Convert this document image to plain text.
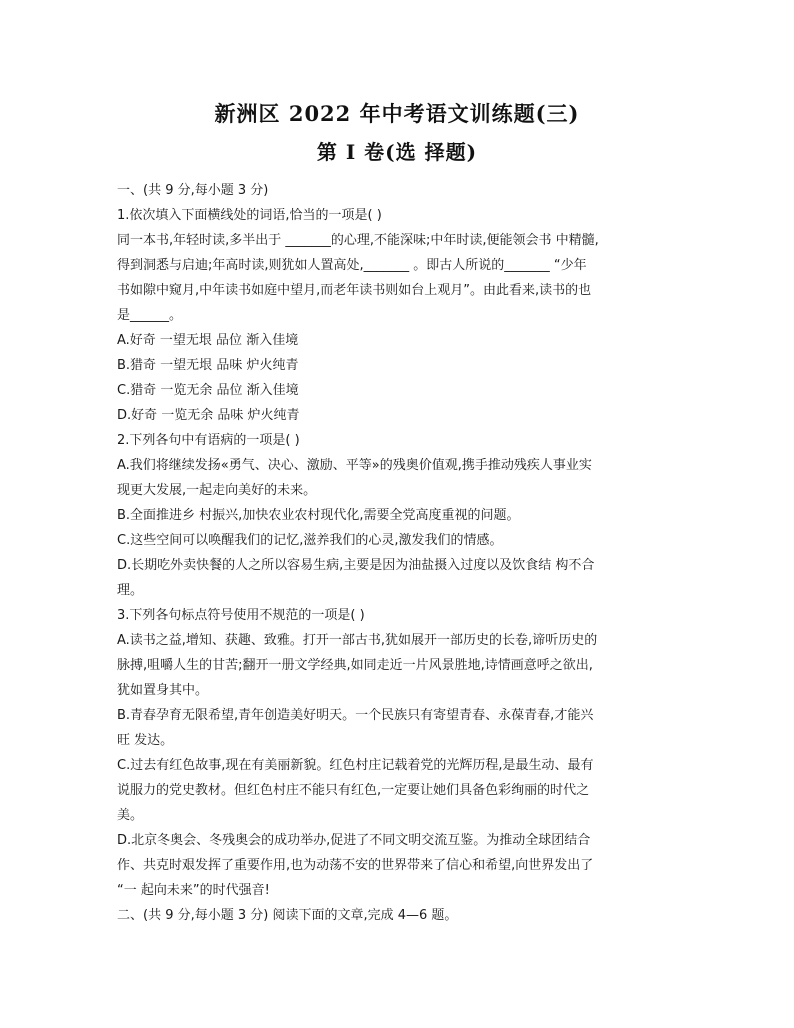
新洲区 2022 年中考语文训练题(三)
第 I 卷(选 择题)
一、(共 9 分,每小题 3 分)
1.依次填入下面横线处的词语,恰当的一项是( )
同一本书,年轻时读,多半出于 _______的心理,不能深味;中年时读,便能领会书 中精髓,
得到洞悉与启迪;年高时读,则犹如人置高处,_______ 。即古人所说的_______ “少年
书如隙中窥月,中年读书如庭中望月,而老年读书则如台上观月”。由此看来,读书的也
是______。
A.好奇 一望无垠 品位 渐入佳境
B.猎奇 一望无垠 品味 炉火纯青
C.猎奇 一览无余 品位 渐入佳境
D.好奇 一览无余 品味 炉火纯青
2.下列各句中有语病的一项是( )
A.我们将继续发扬«勇气、决心、激励、平等»的残奥价值观,携手推动残疾人事业实
现更大发展,一起走向美好的未来。
B.全面推进乡 村振兴,加快农业农村现代化,需要全党高度重视的问题。
C.这些空间可以唤醒我们的记忆,滋养我们的心灵,激发我们的情感。
D.长期吃外卖快餐的人之所以容易生病,主要是因为油盐摄入过度以及饮食结 构不合
理。
3.下列各句标点符号使用不规范的一项是( )
A.读书之益,增知、获趣、致雅。打开一部古书,犹如展开一部历史的长卷,谛听历史的
脉搏,咀嚼人生的甘苦;翻开一册文学经典,如同走近一片风景胜地,诗情画意呼之欲出,
犹如置身其中。
B.青春孕育无限希望,青年创造美好明天。一个民族只有寄望青春、永葆青春,才能兴
旺 发达。
C.过去有红色故事,现在有美丽新貌。红色村庄记载着党的光辉历程,是最生动、最有
说服力的党史教材。但红色村庄不能只有红色,一定要让她们具备色彩绚丽的时代之
美。
D.北京冬奥会、冬残奥会的成功举办,促进了不同文明交流互鉴。为推动全球团结合
作、共克时艰发挥了重要作用,也为动荡不安的世界带来了信心和希望,向世界发出了
“一 起向未来”的时代强音!
二、(共 9 分,每小题 3 分) 阅读下面的文章,完成 4—6 题。
